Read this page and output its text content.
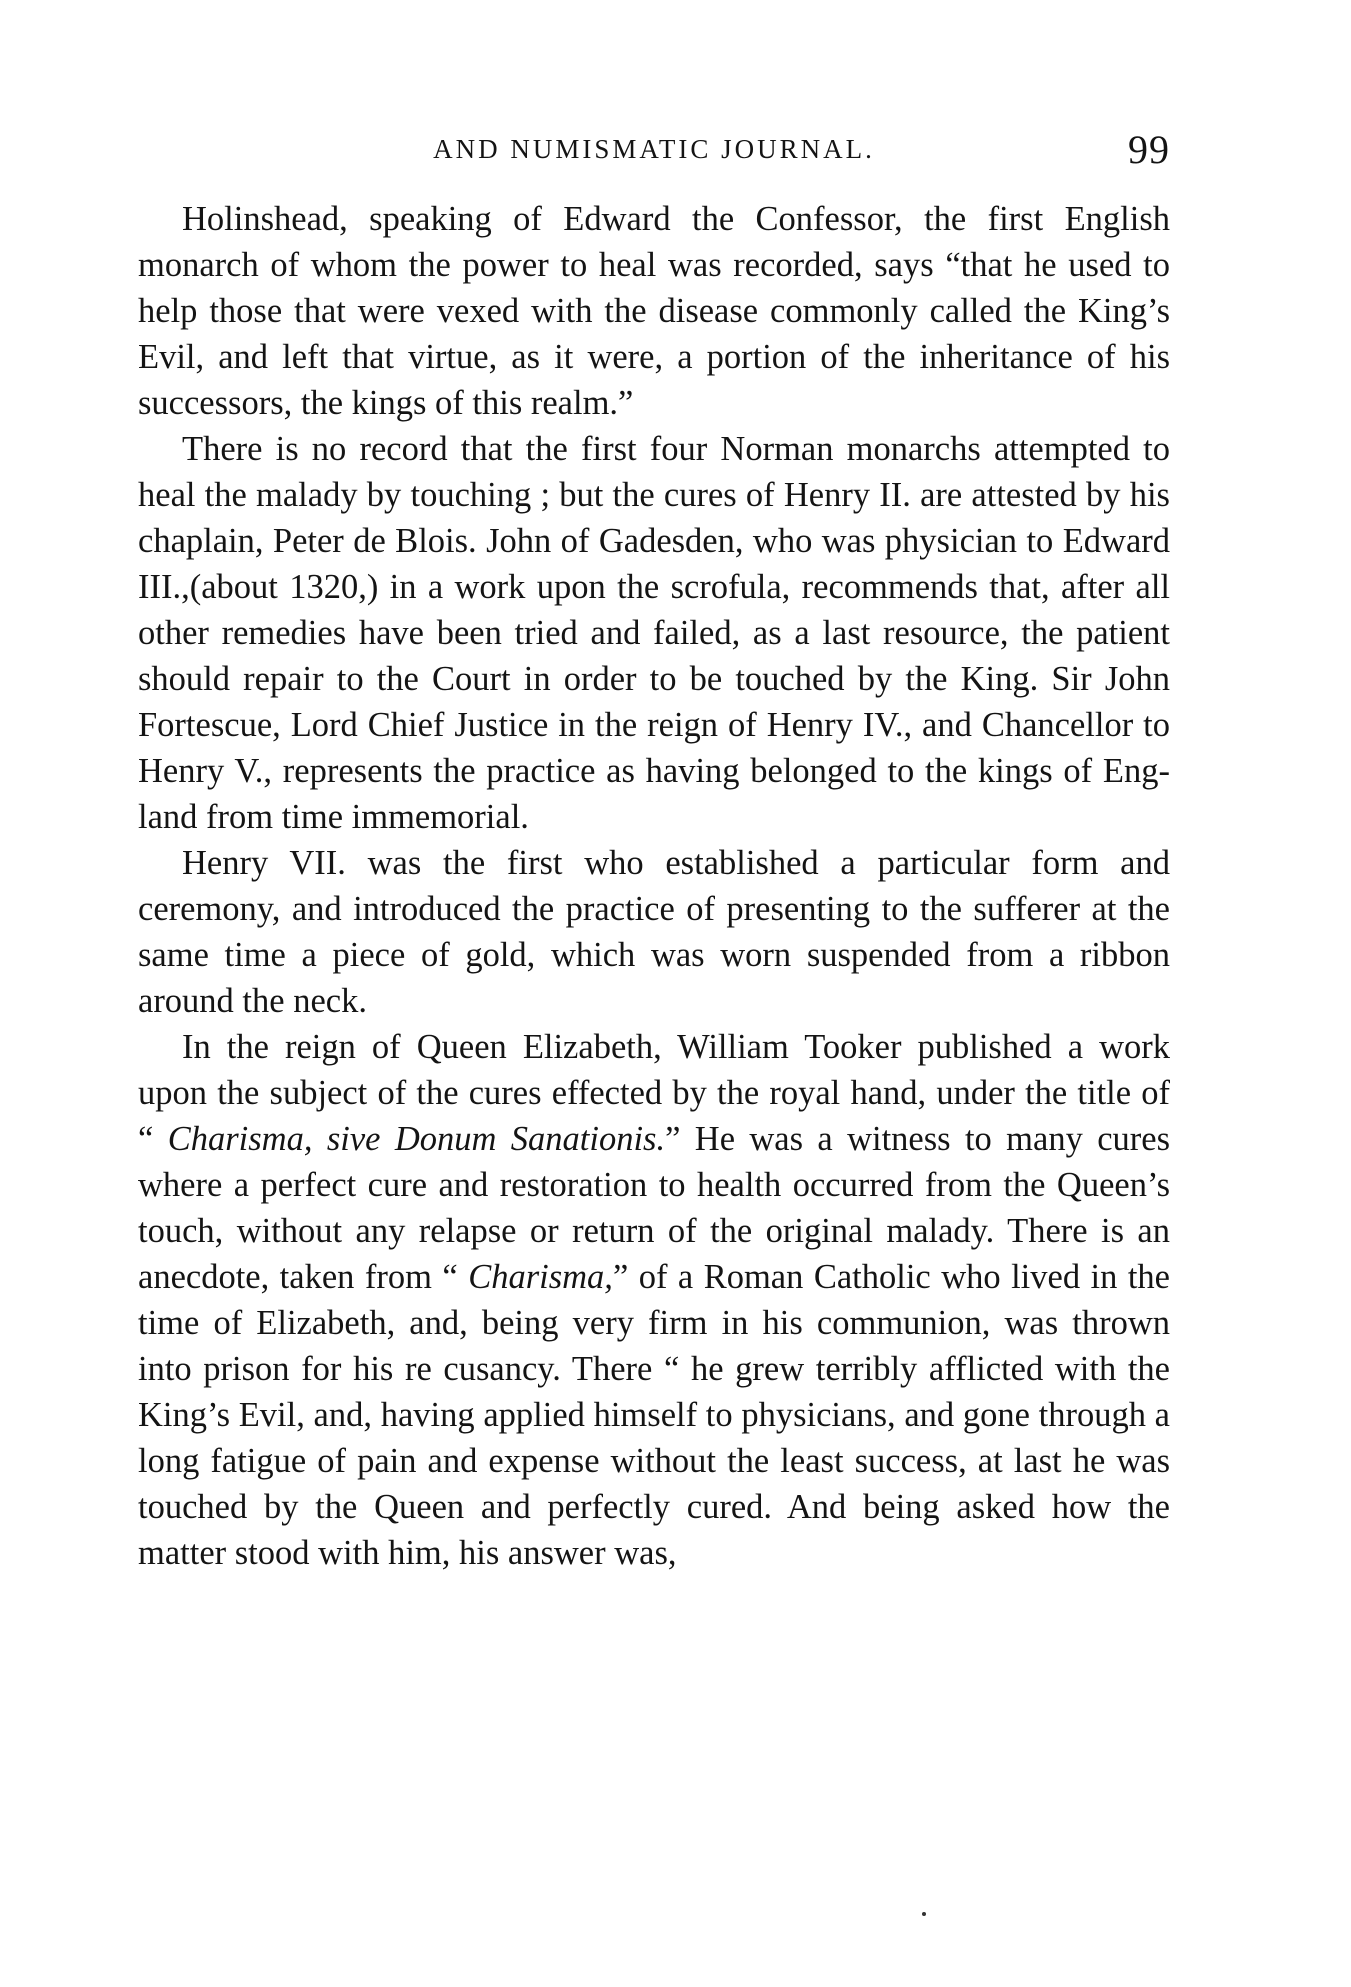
AND NUMISMATIC JOURNAL.	99

Holinshead, speaking of Edward the Confessor, the first English monarch of whom the power to heal was recorded, says “that he used to help those that were vexed with the disease commonly called the King’s Evil, and left that virtue, as it were, a portion of the inheritance of his successors, the kings of this realm.”

There is no record that the first four Norman monarchs attempted to heal the malady by touching ; but the cures of Henry II. are attested by his chaplain, Peter de Blois. John of Gadesden, who was physician to Edward III.,(about 1320,) in a work upon the scrofula, recommends that, after all other remedies have been tried and failed, as a last resource, the patient should repair to the Court in order to be touched by the King. Sir John Fortescue, Lord Chief Justice in the reign of Henry IV., and Chancellor to Henry V., represents the practice as having belonged to the kings of England from time immemorial.

Henry VII. was the first who established a particular form and ceremony, and introduced the practice of presenting to the sufferer at the same time a piece of gold, which was worn suspended from a ribbon around the neck.

In the reign of Queen Elizabeth, William Tooker published a work upon the subject of the cures effected by the royal hand, under the title of “ Charisma, sive Donum Sanationis.” He was a witness to many cures where a perfect cure and restoration to health occurred from the Queen’s touch, without any relapse or return of the original malady. There is an anecdote, taken from “ Charisma,” of a Roman Catholic who lived in the time of Elizabeth, and, being very firm in his communion, was thrown into prison for his re cusancy. There “ he grew terribly afflicted with the King’s Evil, and, having applied himself to physicians, and gone through a long fatigue of pain and expense without the least success, at last he was touched by the Queen and perfectly cured. And being asked how the matter stood with him, his answer was,
